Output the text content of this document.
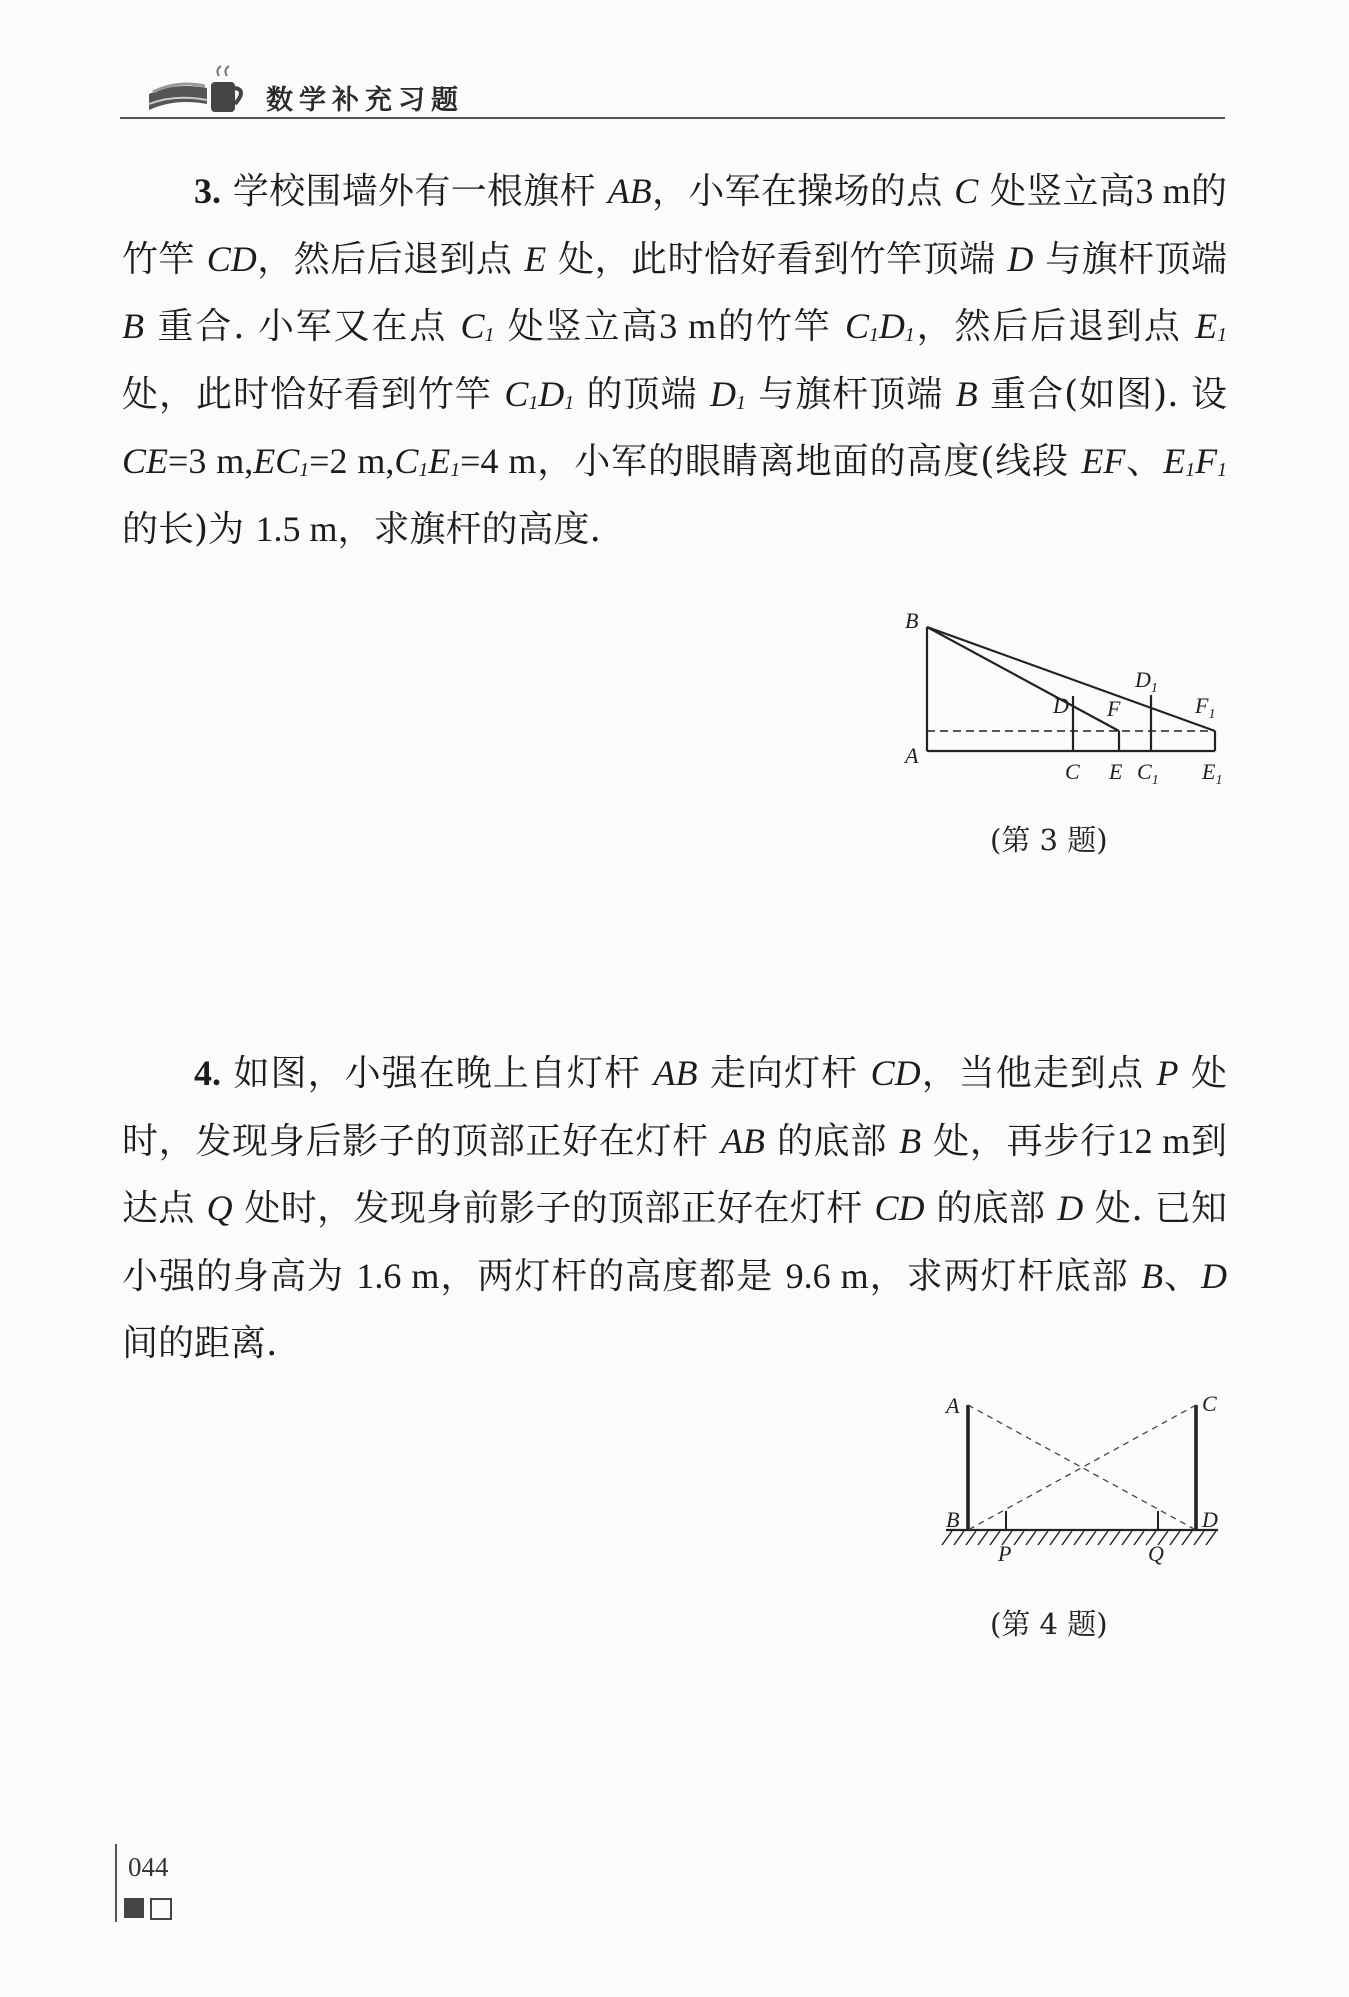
数学补充习题

3. 学校围墙外有一根旗杆 AB，小军在操场的点 C 处竖立高3 m的竹竿 CD，然后后退到点 E 处，此时恰好看到竹竿顶端 D 与旗杆顶端 B 重合. 小军又在点 $C_1$ 处竖立高3 m的竹竿 $C_1D_1$，然后后退到点 $E_1$ 处，此时恰好看到竹竿 $C_1D_1$ 的顶端 $D_1$ 与旗杆顶端 B 重合(如图). 设 CE=3 $m,EC_1=2$ $m,C_1E_1=4$ m，小军的眼睛离地面的高度(线段 EF、$E_1F_1$ 的长)为 1.5 m，求旗杆的高度.

B
D F
$D_1$
$F_1$
A
C E $C_1$ $E_1$
(第 3 题)

4. 如图，小强在晚上自灯杆 AB 走向灯杆 CD，当他走到点 P 处时，发现身后影子的顶部正好在灯杆 AB 的底部 B 处，再步行12 m到达点 Q 处时，发现身前影子的顶部正好在灯杆 CD 的底部 D 处. 已知小强的身高为 1.6 m，两灯杆的高度都是 9.6 m，求两灯杆底部 B、D 间的距离.

A	C
B	D
P	Q
(第 4 题)
044
